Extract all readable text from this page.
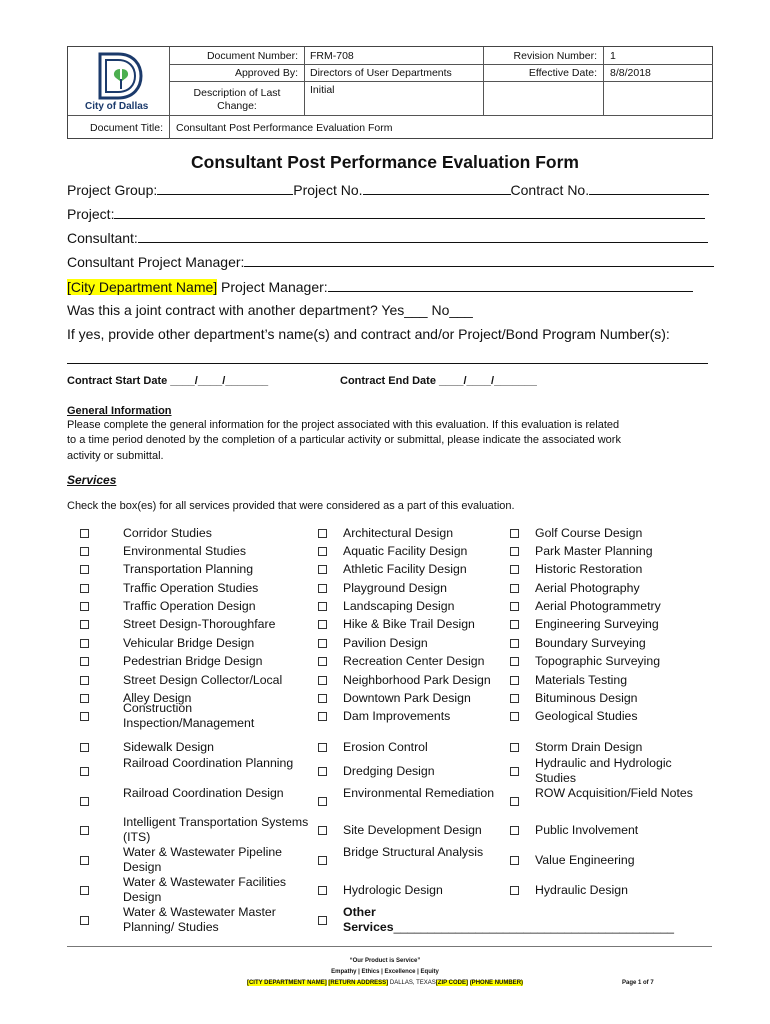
City of Dallas
Document Number: FRM-708
Approved By: Directors of User Departments
Description of Last
Change:
Initial
Revision Number: 1
Effective Date: 8/8/2018
Document Title: Consultant Post Performance Evaluation Form
Consultant Post Performance Evaluation Form
Project Group:	Project No.	Contract No.
Project:
Consultant:
Consultant Project Manager:
[City Department Name] Project Manager:
Was this a joint contract with another department? Yes___ No___
If yes, provide other department’s name(s) and contract and/or Project/Bond Program Number(s):
Contract Start Date ____/____/_______	Contract End Date ____/____/_______
General Information
Please complete the general information for the project associated with this evaluation. If this evaluation is related
to a time period denoted by the completion of a particular activity or submittal, please indicate the associated work
activity or submittal.
Services
Check the box(es) for all services provided that were considered as a part of this evaluation.
Corridor Studies
Environmental Studies
Transportation Planning
Traffic Operation Studies
Traffic Operation Design
Street Design-Thoroughfare
Vehicular Bridge Design
Pedestrian Bridge Design
Street Design Collector/Local
Alley Design
Construction Inspection/Management
Sidewalk Design
Railroad Coordination Planning
Railroad Coordination Design
Intelligent Transportation Systems (ITS)
Water & Wastewater Pipeline Design
Water & Wastewater Facilities Design
Water & Wastewater Master Planning/ Studies
Architectural Design
Aquatic Facility Design
Athletic Facility Design
Playground Design
Landscaping Design
Hike & Bike Trail Design
Pavilion Design
Recreation Center Design
Neighborhood Park Design
Downtown Park Design
Dam Improvements
Erosion Control
Dredging Design
Environmental Remediation
Site Development Design
Bridge Structural Analysis
Hydrologic Design
Other
Services_________________________________________
Golf Course Design
Park Master Planning
Historic Restoration
Aerial Photography
Aerial Photogrammetry
Engineering Surveying
Boundary Surveying
Topographic Surveying
Materials Testing
Bituminous Design
Geological Studies
Storm Drain Design
Hydraulic and Hydrologic Studies
ROW Acquisition/Field Notes
Public Involvement
Value Engineering
Hydraulic Design
“Our Product is Service”
Empathy | Ethics | Excellence | Equity
[CITY DEPARTMENT NAME] [RETURN ADDRESS] DALLAS, TEXAS[ZIP CODE] (PHONE NUMBER)	Page 1 of 7
